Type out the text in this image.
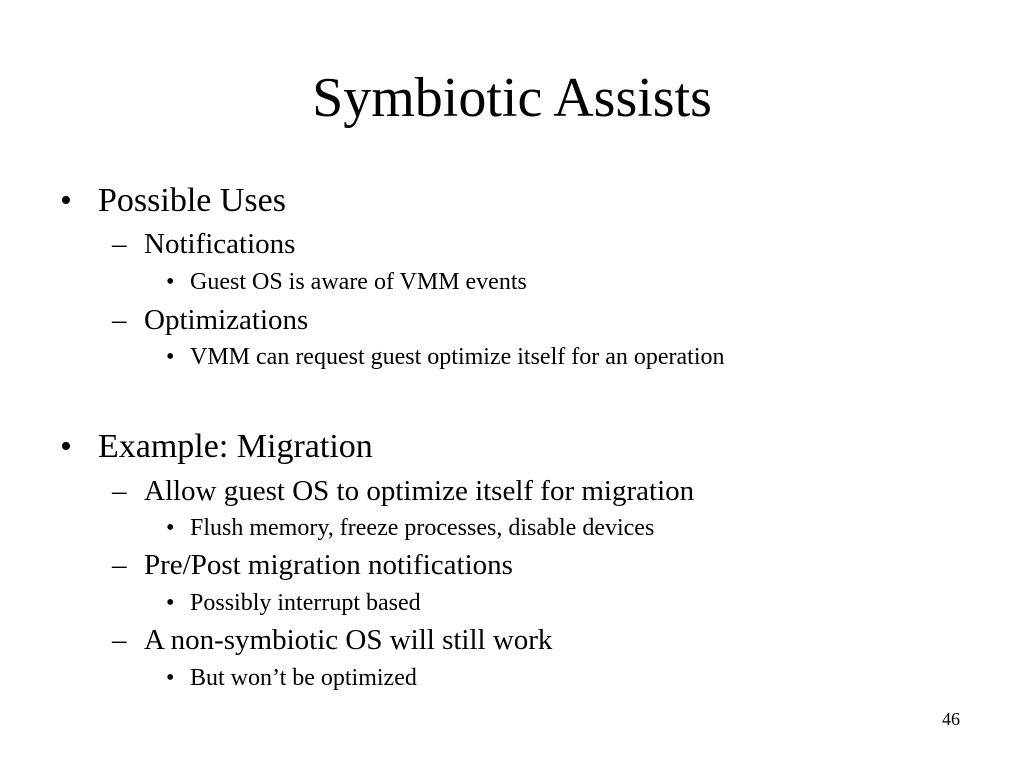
Symbiotic Assists
• Possible Uses
– Notifications
• Guest OS is aware of VMM events
– Optimizations
• VMM can request guest optimize itself for an operation
• Example: Migration
– Allow guest OS to optimize itself for migration
• Flush memory, freeze processes, disable devices
– Pre/Post migration notifications
• Possibly interrupt based
– A non-symbiotic OS will still work
• But won’t be optimized
46
